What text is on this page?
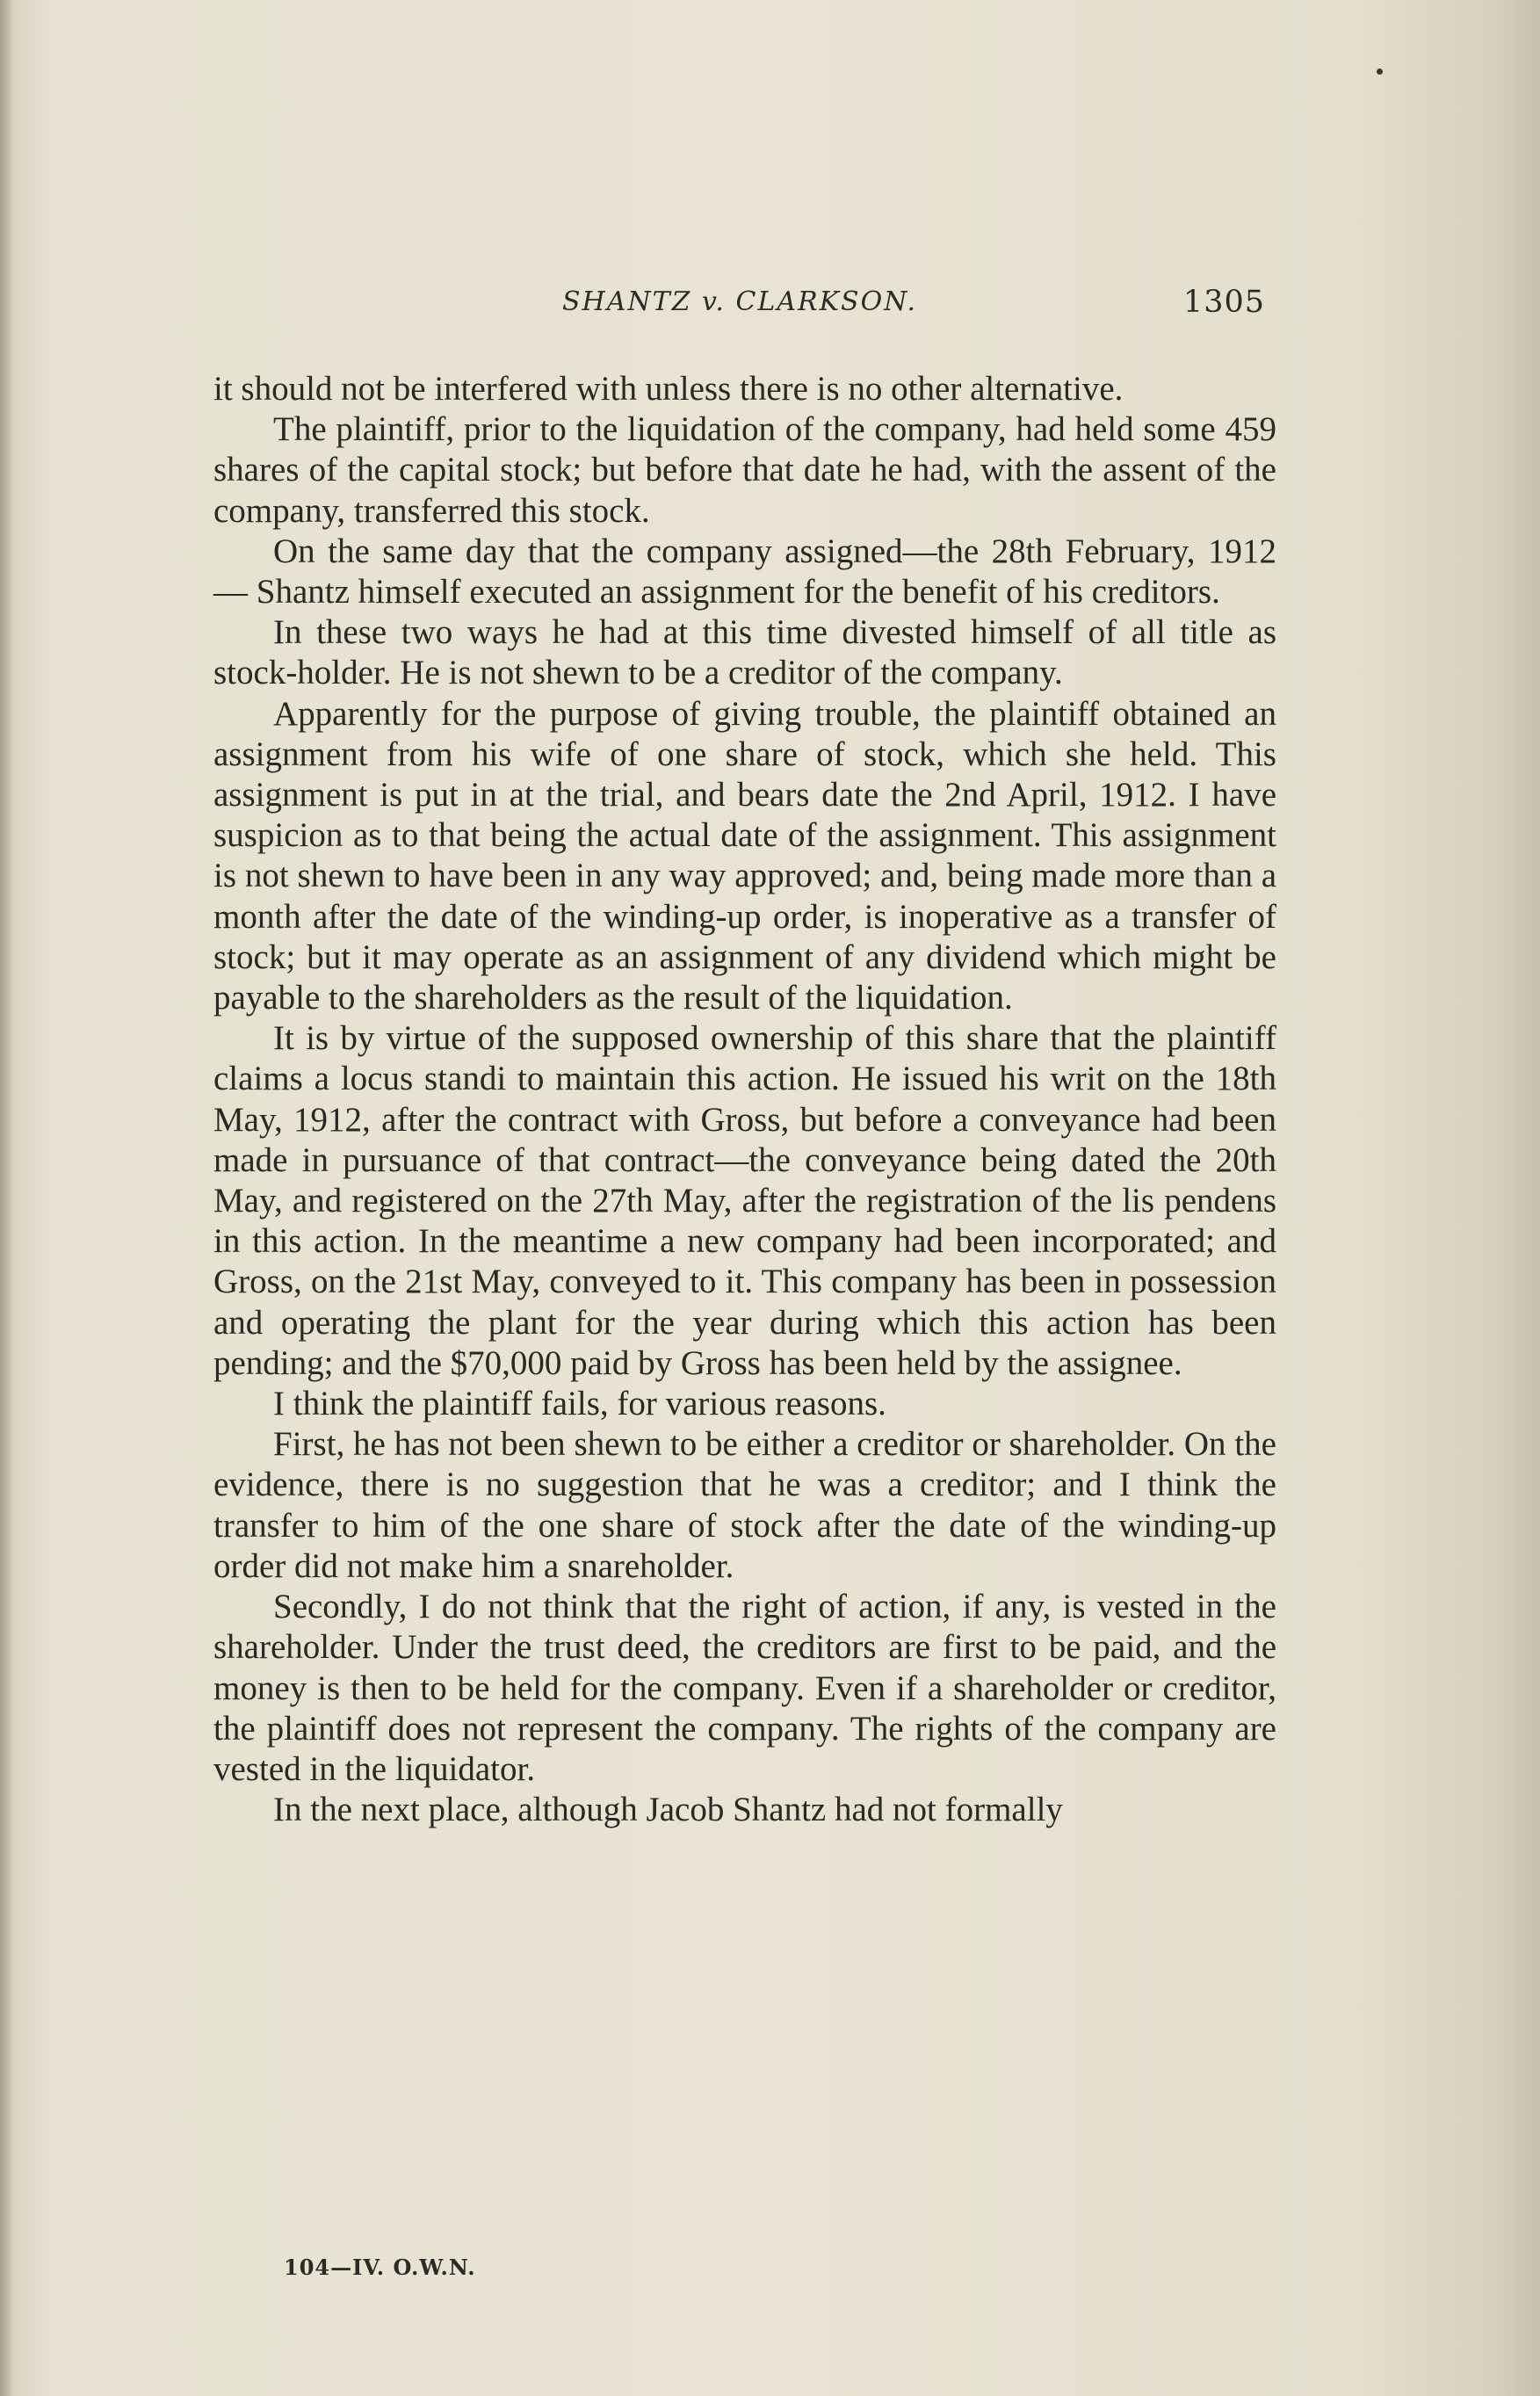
SHANTZ v. CLARKSON.	1305

it should not be interfered with unless there is no other alternative.

The plaintiff, prior to the liquidation of the company, had held some 459 shares of the capital stock; but before that date he had, with the assent of the company, transferred this stock.

On the same day that the company assigned—the 28th February, 1912 — Shantz himself executed an assignment for the benefit of his creditors.

In these two ways he had at this time divested himself of all title as stock-holder. He is not shewn to be a creditor of the company.

Apparently for the purpose of giving trouble, the plaintiff obtained an assignment from his wife of one share of stock, which she held. This assignment is put in at the trial, and bears date the 2nd April, 1912. I have suspicion as to that being the actual date of the assignment. This assignment is not shewn to have been in any way approved; and, being made more than a month after the date of the winding-up order, is inoperative as a transfer of stock; but it may operate as an assignment of any dividend which might be payable to the shareholders as the result of the liquidation.

It is by virtue of the supposed ownership of this share that the plaintiff claims a locus standi to maintain this action. He issued his writ on the 18th May, 1912, after the contract with Gross, but before a conveyance had been made in pursuance of that contract—the conveyance being dated the 20th May, and registered on the 27th May, after the registration of the lis pendens in this action. In the meantime a new company had been incorporated; and Gross, on the 21st May, conveyed to it. This company has been in possession and operating the plant for the year during which this action has been pending; and the $70,000 paid by Gross has been held by the assignee.

I think the plaintiff fails, for various reasons.

First, he has not been shewn to be either a creditor or shareholder. On the evidence, there is no suggestion that he was a creditor; and I think the transfer to him of the one share of stock after the date of the winding-up order did not make him a snareholder.

Secondly, I do not think that the right of action, if any, is vested in the shareholder. Under the trust deed, the creditors are first to be paid, and the money is then to be held for the company. Even if a shareholder or creditor, the plaintiff does not represent the company. The rights of the company are vested in the liquidator.

In the next place, although Jacob Shantz had not formally

104—IV. O.W.N.
